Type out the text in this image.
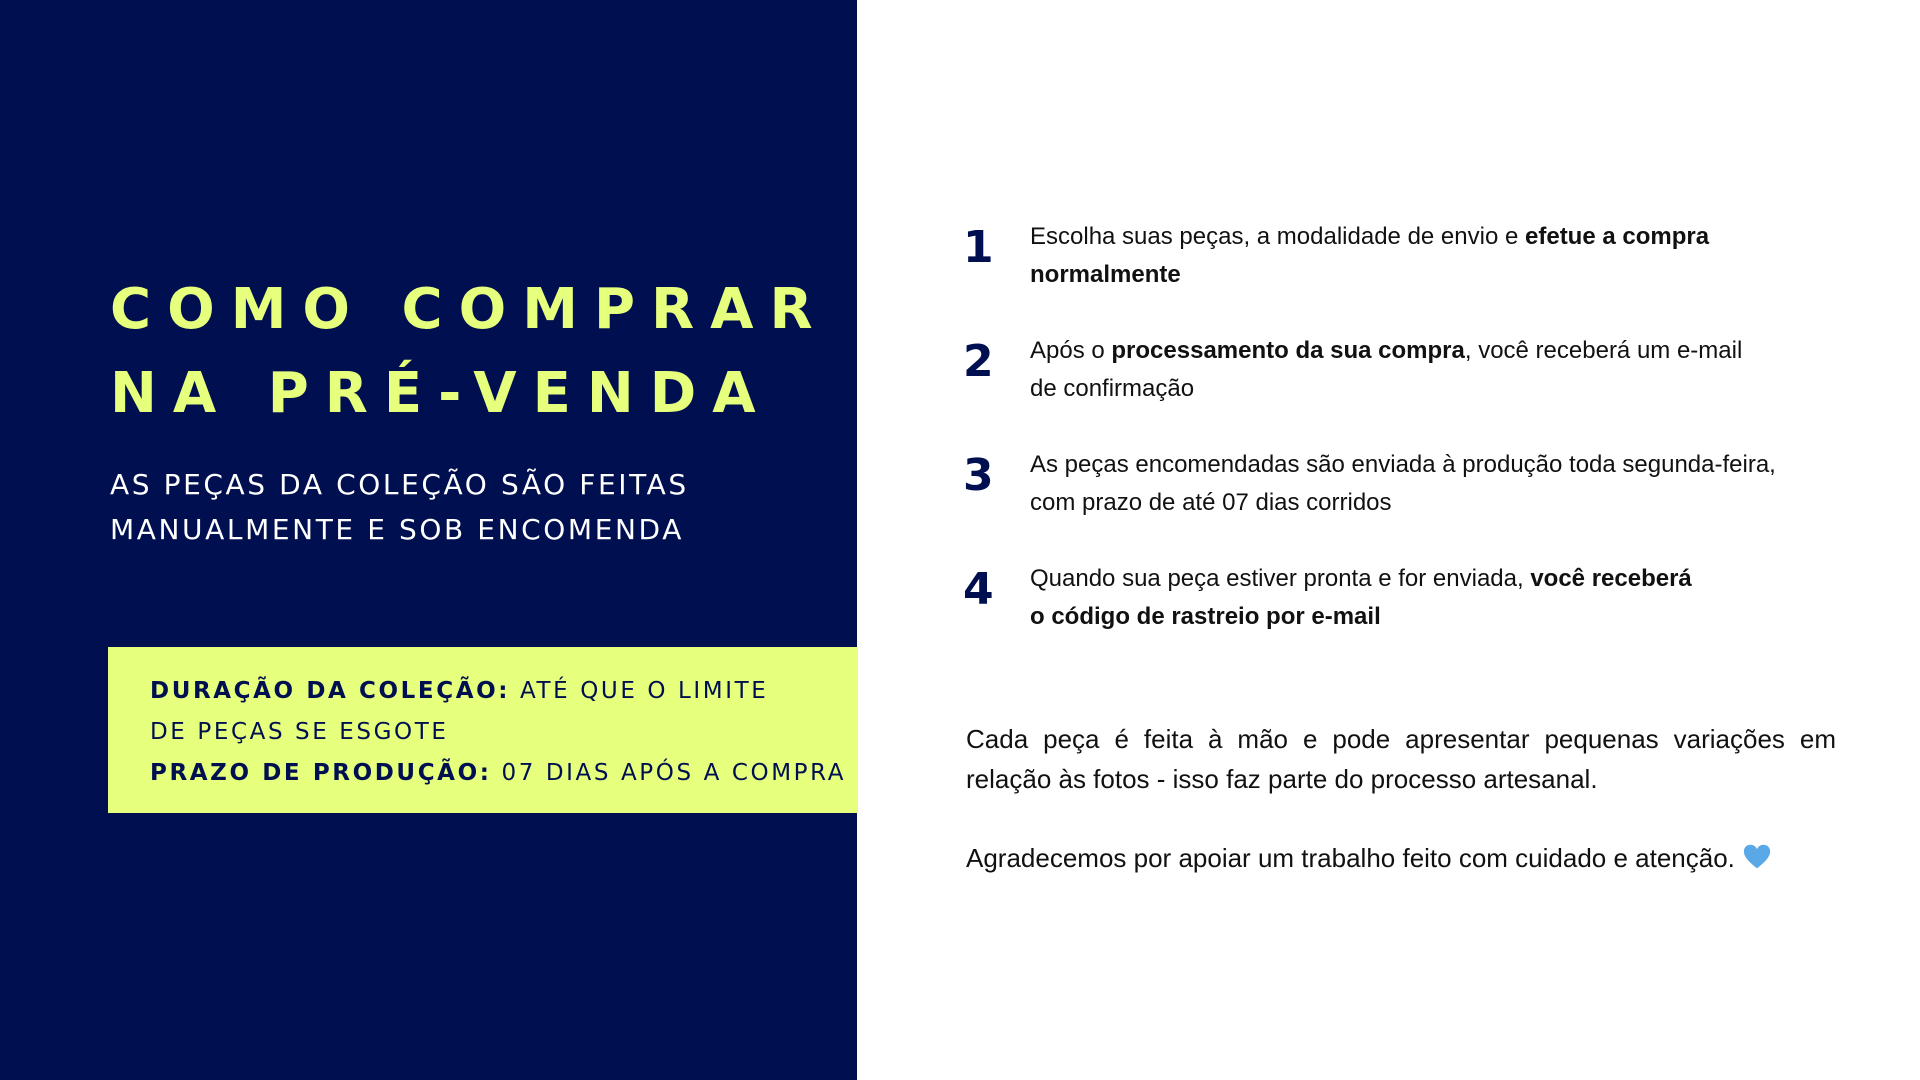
COMO COMPRAR
NA PRÉ-VENDA

AS PEÇAS DA COLEÇÃO SÃO FEITAS
MANUALMENTE E SOB ENCOMENDA

DURAÇÃO DA COLEÇÃO: ATÉ QUE O LIMITE
DE PEÇAS SE ESGOTE
PRAZO DE PRODUÇÃO: 07 DIAS APÓS A COMPRA
1 Escolha suas peças, a modalidade de envio e efetue a compra
normalmente
2 Após o processamento da sua compra, você receberá um e-mail
de confirmação
3 As peças encomendadas são enviada à produção toda segunda-feira,
com prazo de até 07 dias corridos
4 Quando sua peça estiver pronta e for enviada, você receberá
o código de rastreio por e-mail

Cada peça é feita à mão e pode apresentar pequenas variações em relação às fotos - isso faz parte do processo artesanal.

Agradecemos por apoiar um trabalho feito com cuidado e atenção.
